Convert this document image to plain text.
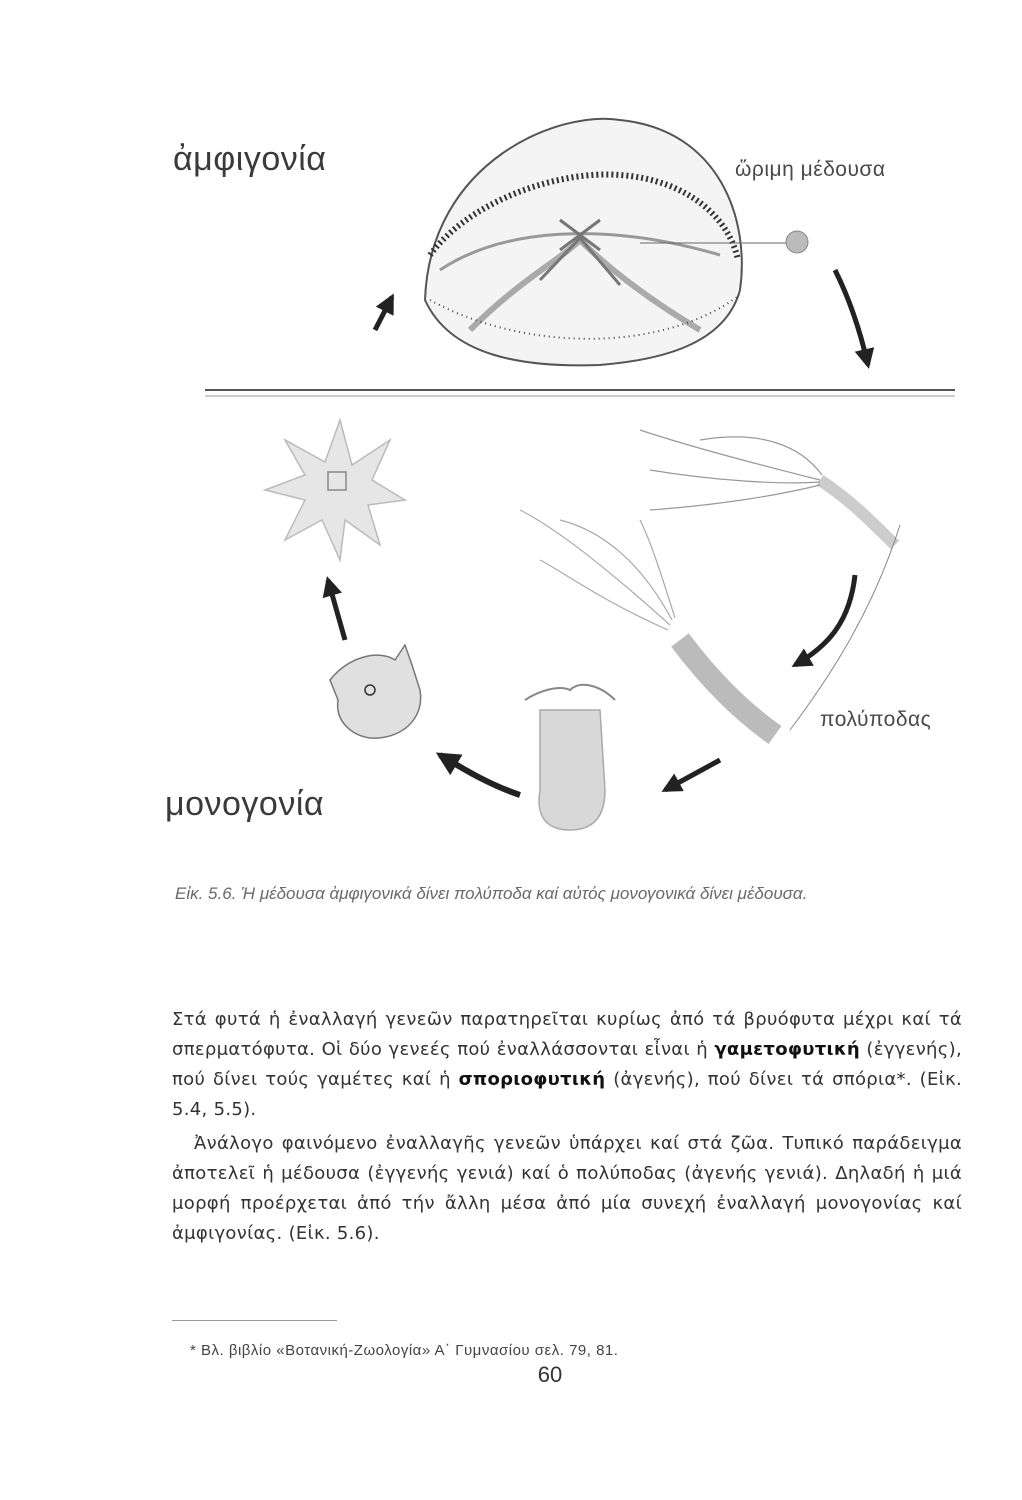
ἀμφιγονία	ὥριμη μέδουσα
πολύποδας
μονογονία
Εἰκ. 5.6. Ἡ μέδουσα ἀμφιγονικά δίνει πολύποδα καί αὐτός μονογονικά δίνει μέδουσα.

Στά φυτά ἡ ἐναλλαγή γενεῶν παρατηρεῖται κυρίως ἀπό τά βρυόφυτα μέχρι καί τά σπερματόφυτα. Οἱ δύο γενεές πού ἐναλλάσσονται εἶναι ἡ γαμετοφυτική (ἐγγενής), πού δίνει τούς γαμέτες καί ἡ σποριοφυτική (ἀγενής), πού δίνει τά σπόρια*. (Εἰκ. 5.4, 5.5).

Ἀνάλογο φαινόμενο ἐναλλαγῆς γενεῶν ὑπάρχει καί στά ζῶα. Τυπικό παράδειγμα ἀποτελεῖ ἡ μέδουσα (ἐγγενής γενιά) καί ὁ πολύποδας (ἀγενής γενιά). Δηλαδή ἡ μιά μορφή προέρχεται ἀπό τήν ἄλλη μέσα ἀπό μία συνεχή ἐναλλαγή μονογονίας καί ἀμφιγονίας. (Εἰκ. 5.6).

* Βλ. βιβλίο «Βοτανική-Ζωολογία» Α΄ Γυμνασίου σελ. 79, 81.
60
